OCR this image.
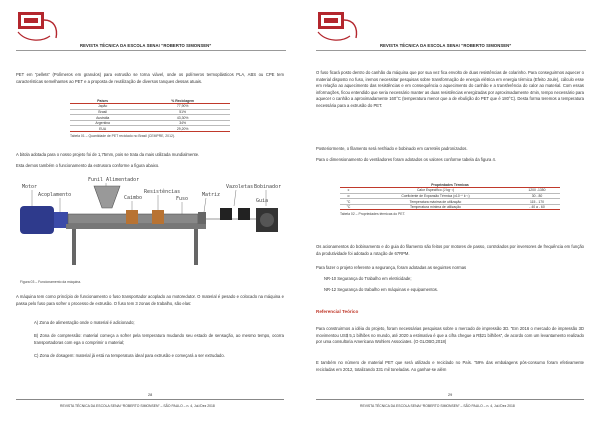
REVISTA TÉCNICA DA ESCOLA SENAI “ROBERTO SIMONSEN”
PET em “pellets” (Polímeros em granulos) para extrusão se torna viável, onde os polímeros termoplásticos PLA, ABS ou CPE tem características semelhantes ao PET e a proposta de reutilização de diversos tanques dessas atuais.
Países	% Reciclagem
Japão	77,90%
Brasil	51%
Austrália	43,30%
Argentina	34%
EUA	29,20%
Tabela 01 – Quantidade de PET reciclado no Brasil (CEMPRE, 2012).
A bitola adotada para o nosso projeto foi de 1,75mm, pois se trata da mais utilizada mundialmente.
Esta demos também o funcionamento da extrusora conforme a figura abaixo.
Motor
Acoplamento
Funil Alimentador
Resistências
Caimbo	Fuso
Matriz
Vazoletas Bobinador
Guia
Figura 03 – Funcionamento da máquina.
A máquina tem como princípio de funcionamento o fuso transportador acoplado ao motoredutor. O material é pesado e colocado na máquina e passa pelo fuso para sofrer o processo de extrusão. O fuso tem 3 zonas de trabalho, são elas:
A) Zona de alimentação onde o material é adicionado;
B) Zona de compressão: material começa a sofrer pela temperatura mudando seu estado de sensação, ao mesmo tempo, ocorra transportadoras com ega o comprimir o material;
C) Zona de dosagem: material já está na temperatura ideal para extrusão e começará a ser extrudado.
28
REVISTA TÉCNICA DA ESCOLA SENAI “ROBERTO SIMONSEN” – SÃO PAULO – n. 4, Jul./Dez 2018
REVISTA TÉCNICA DA ESCOLA SENAI “ROBERTO SIMONSEN”
O fuso ficará posto dentro do canhão da máquina que por sua vez fica envolto de duas resistências de colarinho. Para conseguirmos aquecer o material disposto no fuso, iremos necessitar pesquisas sobre transformação de energia elétrica em energia térmica (Efeito Joule), cálculo esse em relação ao aquecimento das resistências e em consequência o aquecimento do canhão e a transferência do calor ao material. Com essas informações, ficou entendido que seria necessário manter as duas resistências energizadas por aproximadamente 4min, tempo necessário para aquecer o canhão a aproximadamente 160°C (temperatura menor que a de ebulição do PET que é 180°C). Desta forma teremos a temperatura necessária para a extrusão do PET.
Posteriormente, o filamento será resfriado e bobinado em carretéis padronizados.
Para o dimensionamento do ventiladores foram adotados os valores conforme tabela da figura 4.
Propriedades Térmicas		
c	Calor Específico (J kg⁻¹)	1200 -1350
α	Coeficiente de Expansão Térmica (x10⁻⁶ k⁻¹)	30 - 80
°C	Temperatura máxima de utilização	115 - 170
°C	Temperatura mínima de utilização	- 40 a - 60
Tabela 02 – Propriedades térmicas do PET.
Os acionamentos do bobinamento e do guia do filamento são feitos por motores de passo, controlados por inversores de frequência em função da produtividade foi adotado a rotação de 67RPM.
Para fazer o projeto referente a segurança, foram adotadas as seguintes normas
NR-10 Segurança do Trabalho em eletricidade;
NR-12 Segurança do trabalho em máquinas e equipamentos.
Referencial Teórico
Para construirmos a idéia do projeto, foram necessárias pesquisas sobre o mercado de impressão 3D. “Em 2016 o mercado de impressão 3D movimentou US$ 5,1 bilhões no mundo, até 2020 a estimativa é que a cifra chegue a R$21 bilhões”, de acordo com um levantamento realizado por uma consultoria Americana Wohlers Associates. (O GLOBO,2018)
E também no número de material PET que será utilizado e reciclado no País. “59% das embalagens pós-consumo foram efetivamente recicladas em 2012, totalizando 331 mil toneladas. Ao ganhar-se além
29
REVISTA TÉCNICA DA ESCOLA SENAI “ROBERTO SIMONSEN” – SÃO PAULO – n. 4, Jul./Dez 2018
